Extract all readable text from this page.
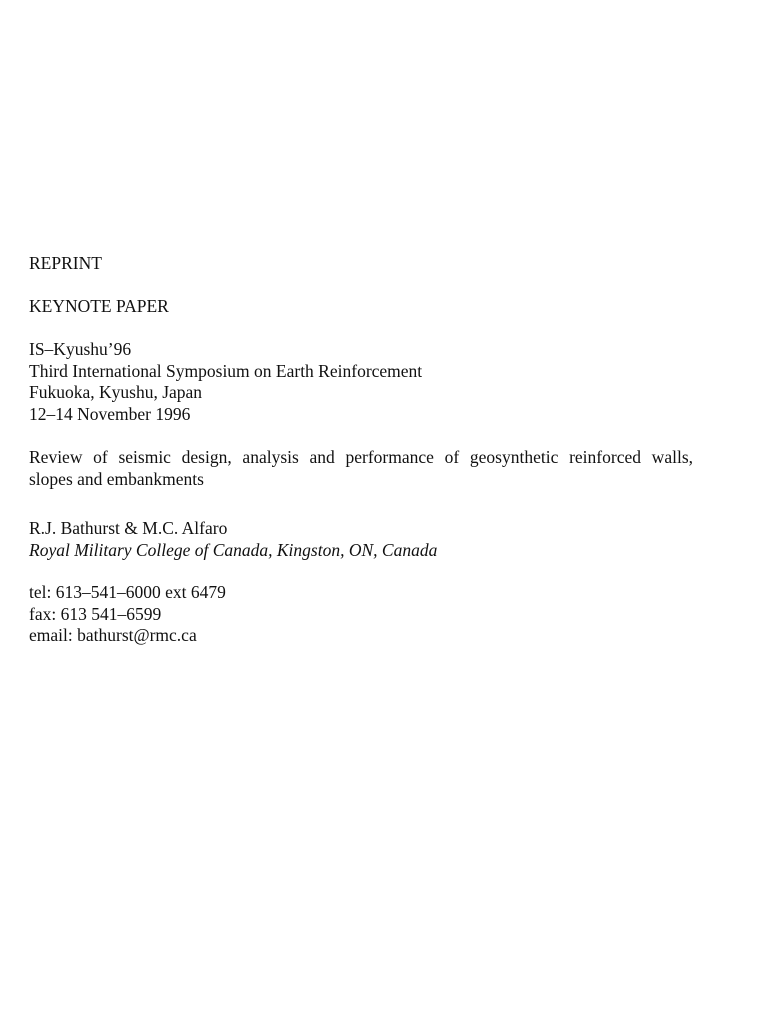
REPRINT
KEYNOTE PAPER
IS–Kyushu’96
Third International Symposium on Earth Reinforcement
Fukuoka, Kyushu, Japan
12–14 November 1996
Review of seismic design, analysis and performance of geosynthetic reinforced walls,
slopes and embankments
R.J. Bathurst & M.C. Alfaro
Royal Military College of Canada, Kingston, ON, Canada
tel: 613–541–6000 ext 6479
fax: 613 541–6599
email: bathurst@rmc.ca
